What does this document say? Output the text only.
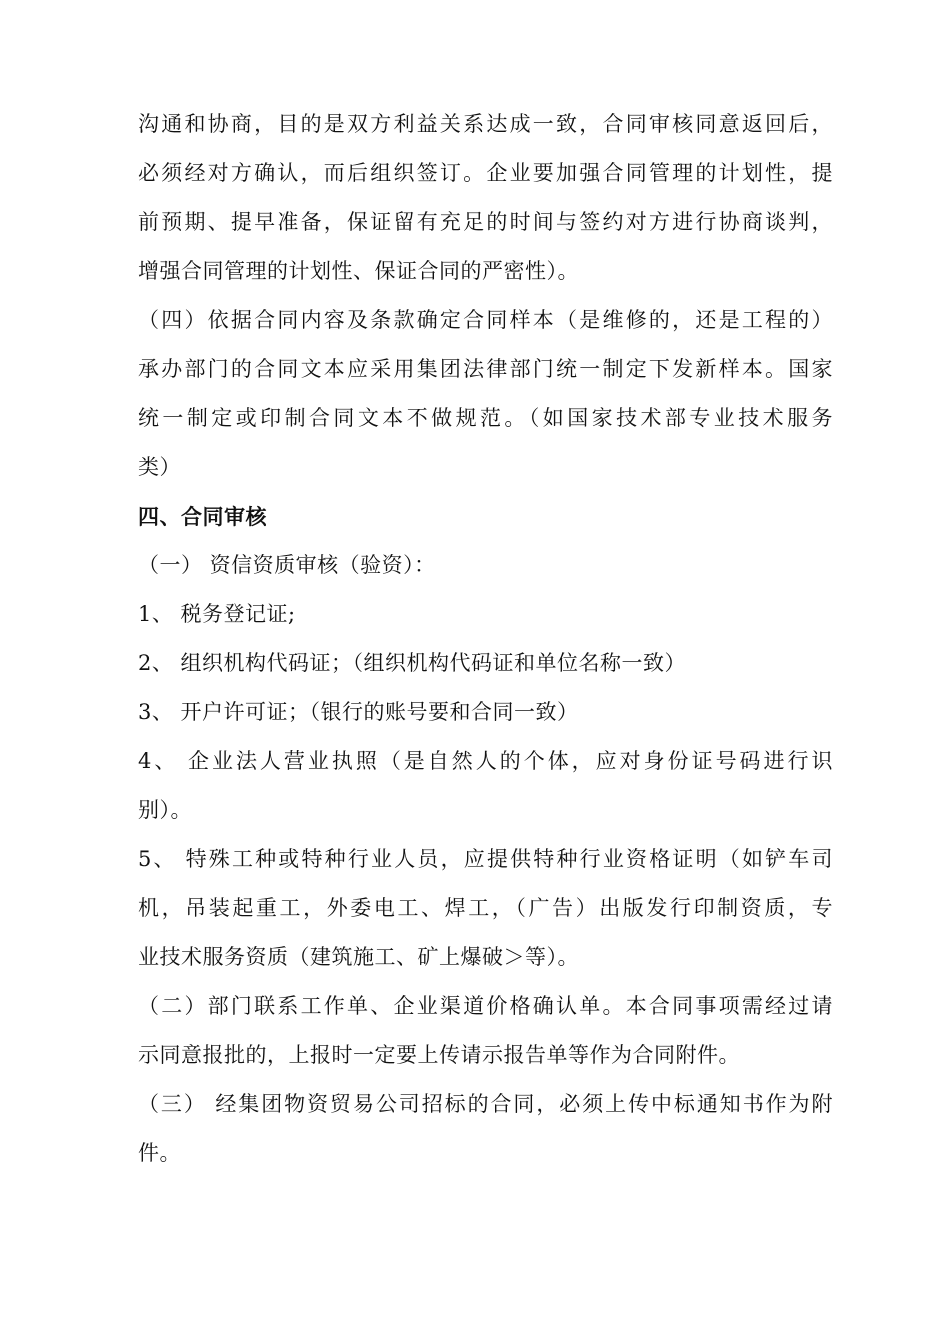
沟通和协商，目的是双方利益关系达成一致，合同审核同意返回后，
必须经对方确认，而后组织签订。企业要加强合同管理的计划性，提
前预期、提早准备，保证留有充足的时间与签约对方进行协商谈判，
增强合同管理的计划性、保证合同的严密性）。
（四）依据合同内容及条款确定合同样本（是维修的，还是工程的）
承办部门的合同文本应采用集团法律部门统一制定下发新样本。国家
统一制定或印制合同文本不做规范。（如国家技术部专业技术服务
类）
四、合同审核
（一） 资信资质审核（验资）：
1、 税务登记证;
2、 组织机构代码证；（组织机构代码证和单位名称一致）
3、 开户许可证；（银行的账号要和合同一致）
4、 企业法人营业执照（是自然人的个体，应对身份证号码进行识
别）。
5、 特殊工种或特种行业人员，应提供特种行业资格证明（如铲车司
机，吊装起重工，外委电工、焊工，（广告）出版发行印制资质，专
业技术服务资质（建筑施工、矿上爆破＞等）。
（二）部门联系工作单、企业渠道价格确认单。本合同事项需经过请
示同意报批的，上报时一定要上传请示报告单等作为合同附件。
（三） 经集团物资贸易公司招标的合同，必须上传中标通知书作为附
件。
